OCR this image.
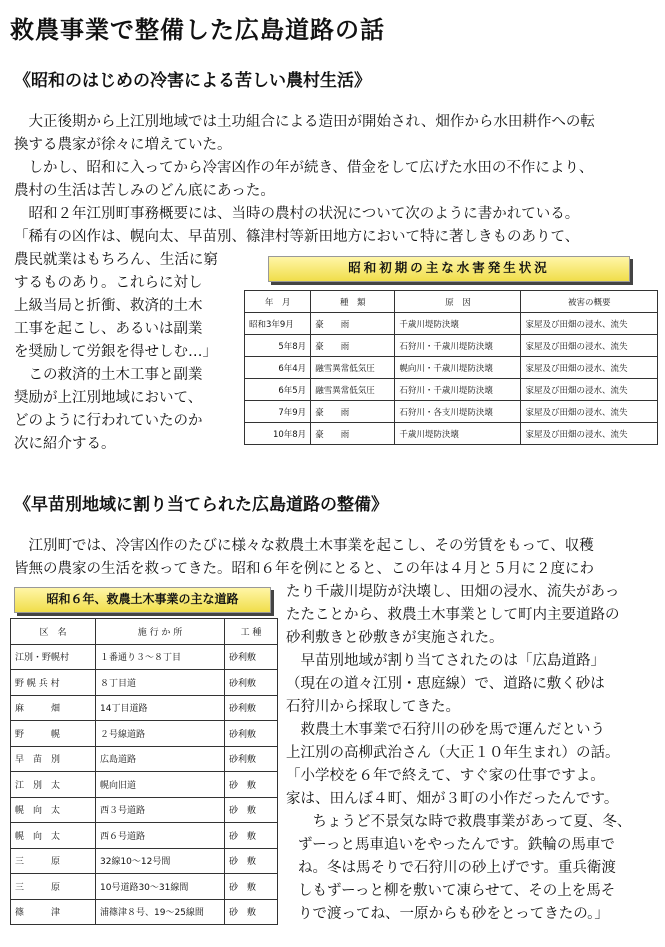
救農事業で整備した広島道路の話
《昭和のはじめの冷害による苦しい農村生活》
　大正後期から上江別地域では土功組合による造田が開始され、畑作から水田耕作への転
換する農家が徐々に増えていた。
　しかし、昭和に入ってから冷害凶作の年が続き、借金をして広げた水田の不作により、
農村の生活は苦しみのどん底にあった。
　昭和２年江別町事務概要には、当時の農村の状況について次のように書かれている。
「稀有の凶作は、幌向太、早苗別、篠津村等新田地方において特に著しきものありて、
農民就業はもちろん、生活に窮
するものあり。これらに対し
上級当局と折衝、救済的土木
工事を起こし、あるいは副業
を奨励して労銀を得せしむ…」
　この救済的土木工事と副業
奨励が上江別地域において、
どのように行われていたのか
次に紹介する。
昭和初期の主な水害発生状況
年　月	種　類	原　因	被害の概要
昭和3年9月	豪　　雨	千歳川堤防決壊	家屋及び田畑の浸水、流失
5年8月	豪　　雨	石狩川・千歳川堤防決壊	家屋及び田畑の浸水、流失
6年4月	融雪異常低気圧	幌向川・千歳川堤防決壊	家屋及び田畑の浸水、流失
6年5月	融雪異常低気圧	石狩川・千歳川堤防決壊	家屋及び田畑の浸水、流失
7年9月	豪　　雨	石狩川・各支川堤防決壊	家屋及び田畑の浸水、流失
10年8月	豪　　雨	千歳川堤防決壊	家屋及び田畑の浸水、流失
《早苗別地域に割り当てられた広島道路の整備》
　江別町では、冷害凶作のたびに様々な救農土木事業を起こし、その労賃をもって、収穫
皆無の農家の生活を救ってきた。昭和６年を例にとると、この年は４月と５月に２度にわ
昭和６年、救農土木事業の主な道路
区　名	施 行 か 所	工 種
江別・野幌村	１番通り３～８丁目	砂利敷
野 幌 兵 村	８丁目道	砂利敷
麻　　　畑	14丁目道路	砂利敷
野　　　幌	２号線道路	砂利敷
早　苗　別	広島道路	砂利敷
江　別　太	幌向旧道	砂　敷
幌　向　太	西３号道路	砂　敷
幌　向　太	西６号道路	砂　敷
三　　　原	32線10～12号間	砂　敷
三　　　原	10号道路30～31線間	砂　敷
篠　　　津	浦篠津８号、19～25線間	砂　敷
たり千歳川堤防が決壊し、田畑の浸水、流失があっ
たたことから、救農土木事業として町内主要道路の
砂利敷きと砂敷きが実施された。
　早苗別地域が割り当てされたのは「広島道路」
（現在の道々江別・恵庭線）で、道路に敷く砂は
石狩川から採取してきた。
　救農土木事業で石狩川の砂を馬で運んだという
上江別の高柳武治さん（大正１０年生まれ）の話。
「小学校を６年で終えて、すぐ家の仕事ですよ。
家は、田んぼ４町、畑が３町の小作だったんです。
　ちょうど不景気な時で救農事業があって夏、冬、
ずーっと馬車追いをやったんです。鉄輪の馬車で
ね。冬は馬そりで石狩川の砂上げです。重兵衛渡
しもずーっと柳を敷いて凍らせて、その上を馬そ
りで渡ってね、一原からも砂をとってきたの。」
